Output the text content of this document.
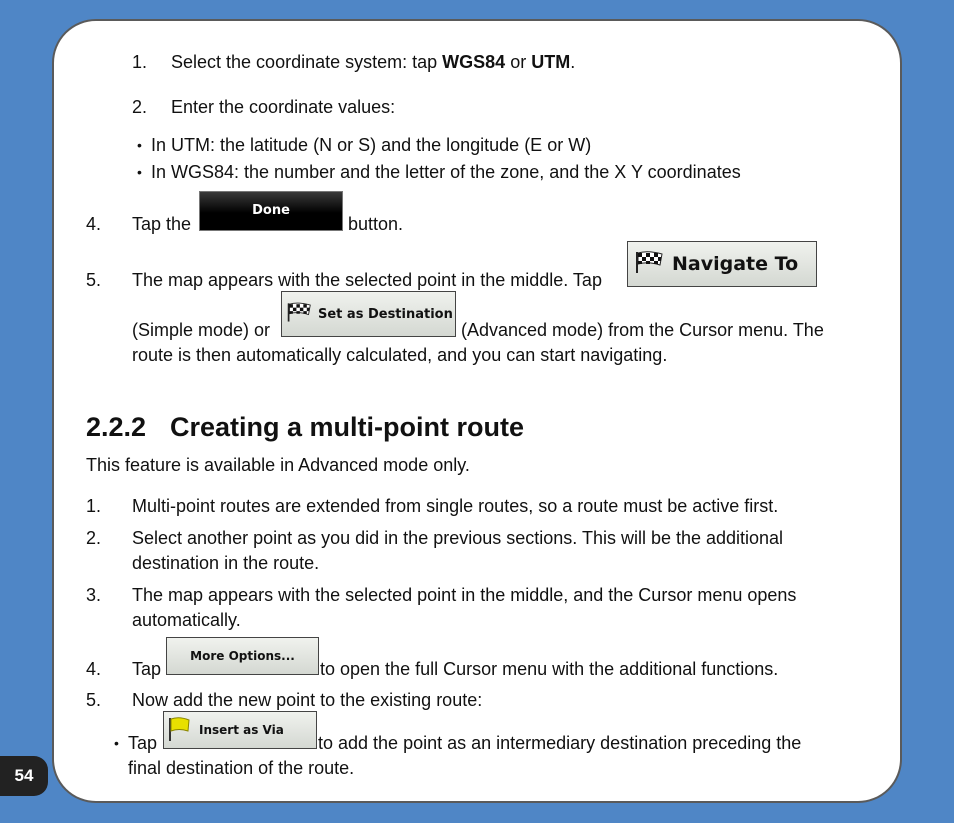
54
1. Select the coordinate system: tap WGS84 or UTM.
2. Enter the coordinate values:
• In UTM: the latitude (N or S) and the longitude (E or W)
• In WGS84: the number and the letter of the zone, and the X Y coordinates
4. Tap the
Done
button.
5. The map appears with the selected point in the middle. Tap
Navigate To
(Simple mode) or
Set as Destination
(Advanced mode) from the Cursor menu. The
route is then automatically calculated, and you can start navigating.
2.2.2 Creating a multi-point route
This feature is available in Advanced mode only.
1. Multi-point routes are extended from single routes, so a route must be active first.
2. Select another point as you did in the previous sections. This will be the additional
destination in the route.
3. The map appears with the selected point in the middle, and the Cursor menu opens
automatically.
4. Tap
More Options...
to open the full Cursor menu with the additional functions.
5. Now add the new point to the existing route:
• Tap
Insert as Via
to add the point as an intermediary destination preceding the
final destination of the route.
